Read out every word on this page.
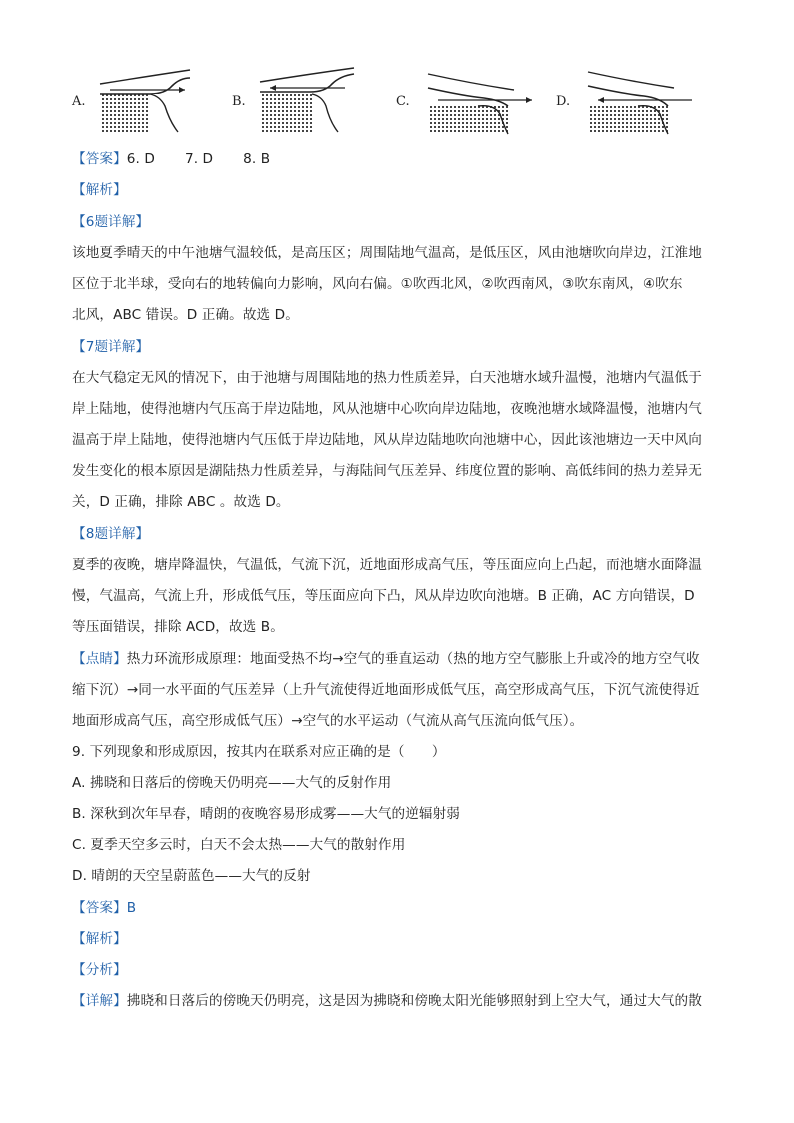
A.	B.	C.	D.
【答案】6. D 7. D 8. B
【解析】
【6题详解】
该地夏季晴天的中午池塘气温较低，是高压区；周围陆地气温高，是低压区，风由池塘吹向岸边，江淮地
区位于北半球，受向右的地转偏向力影响，风向右偏。①吹西北风，②吹西南风，③吹东南风，④吹东
北风，ABC 错误。D 正确。故选 D。
【7题详解】
在大气稳定无风的情况下，由于池塘与周围陆地的热力性质差异，白天池塘水域升温慢，池塘内气温低于
岸上陆地，使得池塘内气压高于岸边陆地，风从池塘中心吹向岸边陆地，夜晚池塘水域降温慢，池塘内气
温高于岸上陆地，使得池塘内气压低于岸边陆地，风从岸边陆地吹向池塘中心，因此该池塘边一天中风向
发生变化的根本原因是湖陆热力性质差异，与海陆间气压差异、纬度位置的影响、高低纬间的热力差异无
关，D 正确，排除 ABC 。故选 D。
【8题详解】
夏季的夜晚，塘岸降温快，气温低，气流下沉，近地面形成高气压，等压面应向上凸起，而池塘水面降温
慢，气温高，气流上升，形成低气压，等压面应向下凸，风从岸边吹向池塘。B 正确，AC 方向错误，D
等压面错误，排除 ACD，故选 B。
【点睛】热力环流形成原理：地面受热不均→空气的垂直运动（热的地方空气膨胀上升或冷的地方空气收
缩下沉）→同一水平面的气压差异（上升气流使得近地面形成低气压，高空形成高气压，下沉气流使得近
地面形成高气压，高空形成低气压）→空气的水平运动（气流从高气压流向低气压）。
9. 下列现象和形成原因，按其内在联系对应正确的是（　　）
A. 拂晓和日落后的傍晚天仍明亮——大气的反射作用
B. 深秋到次年早春，晴朗的夜晚容易形成雾——大气的逆辐射弱
C. 夏季天空多云时，白天不会太热——大气的散射作用
D. 晴朗的天空呈蔚蓝色——大气的反射
【答案】B
【解析】
【分析】
【详解】拂晓和日落后的傍晚天仍明亮，这是因为拂晓和傍晚太阳光能够照射到上空大气，通过大气的散
